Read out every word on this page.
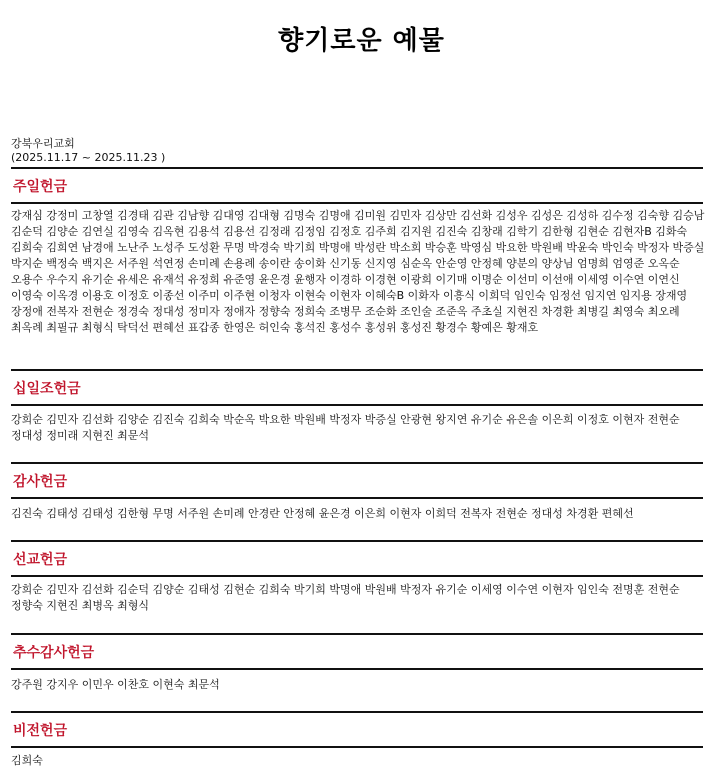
향기로운 예물
강북우리교회
(2025.11.17 ~ 2025.11.23 )
주일헌금
강재심 강정미 고창열 김경태 김관 김남향 김대영 김대형 김명숙 김명애 김미원 김민자 김상만 김선화 김성우 김성은 김성하 김수정 김숙향 김승남 김순덕 김양순 김연실 김영숙 김옥현 김용석 김용선 김정래 김정임 김정호 김주희 김지원 김진숙 김창래 김학기 김한형 김현순 김현자B 김화숙 김희숙 김희연 남경애 노난주 노성주 도성환 무명 박경숙 박기희 박명애 박성란 박소희 박승훈 박영심 박요한 박원배 박윤숙 박인숙 박정자 박증실 박지순 백정숙 백지은 서주원 석연정 손미례 손용례 송이란 송이화 신기동 신지영 심순옥 안순영 안정혜 양분의 양상님 엄명희 엄영준 오옥순 오용수 우수지 유기순 유세은 유재석 유정희 유준영 윤은경 윤행자 이경하 이경현 이광희 이기매 이명순 이선미 이선애 이세영 이수연 이연신 이영숙 이옥경 이용호 이정호 이종선 이주미 이주현 이청자 이현숙 이현자 이혜숙B 이화자 이흥식 이희덕 임인숙 임정선 임지연 임지용 장재영 장정애 전복자 전현순 정경숙 정대성 정미자 정애자 정향숙 정희숙 조병무 조순화 조인술 조준옥 주초실 지현진 차경환 최병길 최영숙 최오례 최옥례 최필규 최형식 탁덕선 편혜선 표갑종 한영은 허인숙 홍석진 홍성수 홍성위 홍성진 황경수 황예은 황재호
십일조헌금
강희순 김민자 김선화 김양순 김진숙 김희숙 박순옥 박요한 박원배 박정자 박증실 안광현 왕지연 유기순 유은솔 이은희 이정호 이현자 전현순 정대성 정미래 지현진 최문석
감사헌금
김진숙 김태성 김태성 김한형 무명 서주원 손미례 안경란 안정혜 윤은경 이은희 이현자 이희덕 전복자 전현순 정대성 차경환 편혜선
선교헌금
강희순 김민자 김선화 김순덕 김양순 김태성 김현순 김희숙 박기희 박명애 박원배 박정자 유기순 이세영 이수연 이현자 임인숙 전명훈 전현순 정향숙 지현진 최병옥 최형식
추수감사헌금
강주원 강지우 이민우 이찬호 이현숙 최문석
비전헌금
김희숙
